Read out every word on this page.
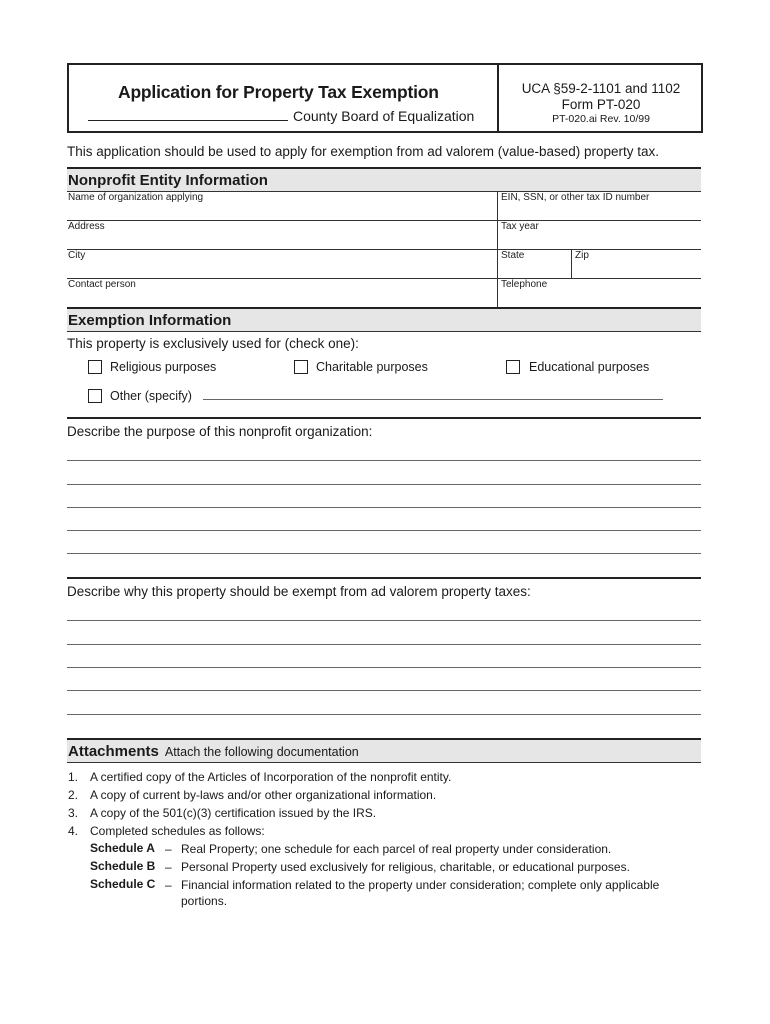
Application for Property Tax Exemption
County Board of Equalization
UCA §59-2-1101 and 1102
Form PT-020
PT-020.ai Rev. 10/99
This application should be used to apply for exemption from ad valorem (value-based) property tax.
Nonprofit Entity Information
Name of organization applying	EIN, SSN, or other tax ID number
Address	Tax year
City	State	Zip
Contact person	Telephone
Exemption Information
This property is exclusively used for (check one):
Religious purposes	Charitable purposes	Educational purposes
Other (specify)
Describe the purpose of this nonprofit organization:
Describe why this property should be exempt from ad valorem property taxes:
Attachments Attach the following documentation
1. A certified copy of the Articles of Incorporation of the nonprofit entity.
2. A copy of current by-laws and/or other organizational information.
3. A copy of the 501(c)(3) certification issued by the IRS.
4. Completed schedules as follows:
Schedule A – Real Property; one schedule for each parcel of real property under consideration.
Schedule B – Personal Property used exclusively for religious, charitable, or educational purposes.
Schedule C – Financial information related to the property under consideration; complete only applicable
portions.
